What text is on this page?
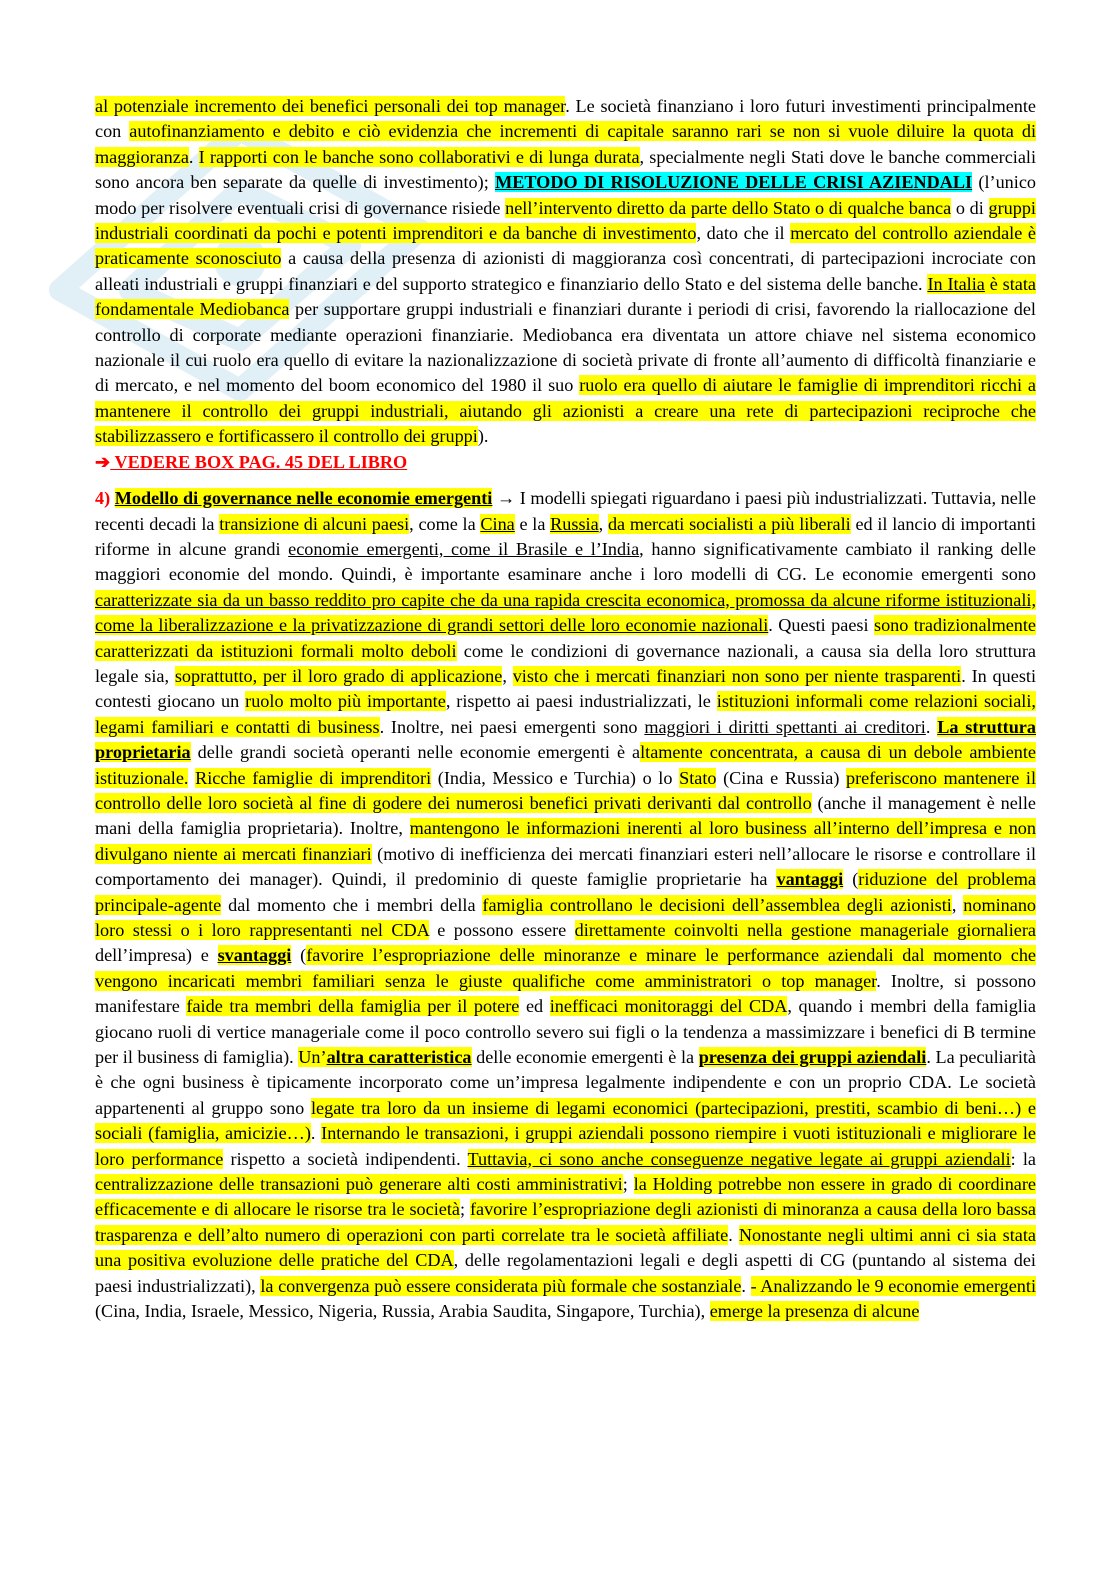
al potenziale incremento dei benefici personali dei top manager. Le società finanziano i loro futuri investimenti principalmente con autofinanziamento e debito e ciò evidenzia che incrementi di capitale saranno rari se non si vuole diluire la quota di maggioranza. I rapporti con le banche sono collaborativi e di lunga durata, specialmente negli Stati dove le banche commerciali sono ancora ben separate da quelle di investimento); METODO DI RISOLUZIONE DELLE CRISI AZIENDALI (l’unico modo per risolvere eventuali crisi di governance risiede nell’intervento diretto da parte dello Stato o di qualche banca o di gruppi industriali coordinati da pochi e potenti imprenditori e da banche di investimento, dato che il mercato del controllo aziendale è praticamente sconosciuto a causa della presenza di azionisti di maggioranza così concentrati, di partecipazioni incrociate con alleati industriali e gruppi finanziari e del supporto strategico e finanziario dello Stato e del sistema delle banche. In Italia è stata fondamentale Mediobanca per supportare gruppi industriali e finanziari durante i periodi di crisi, favorendo la riallocazione del controllo di corporate mediante operazioni finanziarie. Mediobanca era diventata un attore chiave nel sistema economico nazionale il cui ruolo era quello di evitare la nazionalizzazione di società private di fronte all’aumento di difficoltà finanziarie e di mercato, e nel momento del boom economico del 1980 il suo ruolo era quello di aiutare le famiglie di imprenditori ricchi a mantenere il controllo dei gruppi industriali, aiutando gli azionisti a creare una rete di partecipazioni reciproche che stabilizzassero e fortificassero il controllo dei gruppi).
➔ VEDERE BOX PAG. 45 DEL LIBRO

4) Modello di governance nelle economie emergenti → I modelli spiegati riguardano i paesi più industrializzati. Tuttavia, nelle recenti decadi la transizione di alcuni paesi, come la Cina e la Russia, da mercati socialisti a più liberali ed il lancio di importanti riforme in alcune grandi economie emergenti, come il Brasile e l’India, hanno significativamente cambiato il ranking delle maggiori economie del mondo. Quindi, è importante esaminare anche i loro modelli di CG. Le economie emergenti sono caratterizzate sia da un basso reddito pro capite che da una rapida crescita economica, promossa da alcune riforme istituzionali, come la liberalizzazione e la privatizzazione di grandi settori delle loro economie nazionali. Questi paesi sono tradizionalmente caratterizzati da istituzioni formali molto deboli come le condizioni di governance nazionali, a causa sia della loro struttura legale sia, soprattutto, per il loro grado di applicazione, visto che i mercati finanziari non sono per niente trasparenti. In questi contesti giocano un ruolo molto più importante, rispetto ai paesi industrializzati, le istituzioni informali come relazioni sociali, legami familiari e contatti di business. Inoltre, nei paesi emergenti sono maggiori i diritti spettanti ai creditori. La struttura proprietaria delle grandi società operanti nelle economie emergenti è altamente concentrata, a causa di un debole ambiente istituzionale. Ricche famiglie di imprenditori (India, Messico e Turchia) o lo Stato (Cina e Russia) preferiscono mantenere il controllo delle loro società al fine di godere dei numerosi benefici privati derivanti dal controllo (anche il management è nelle mani della famiglia proprietaria). Inoltre, mantengono le informazioni inerenti al loro business all’interno dell’impresa e non divulgano niente ai mercati finanziari (motivo di inefficienza dei mercati finanziari esteri nell’allocare le risorse e controllare il comportamento dei manager). Quindi, il predominio di queste famiglie proprietarie ha vantaggi (riduzione del problema principale-agente dal momento che i membri della famiglia controllano le decisioni dell’assemblea degli azionisti, nominano loro stessi o i loro rappresentanti nel CDA e possono essere direttamente coinvolti nella gestione manageriale giornaliera dell’impresa) e svantaggi (favorire l’espropriazione delle minoranze e minare le performance aziendali dal momento che vengono incaricati membri familiari senza le giuste qualifiche come amministratori o top manager. Inoltre, si possono manifestare faide tra membri della famiglia per il potere ed inefficaci monitoraggi del CDA, quando i membri della famiglia giocano ruoli di vertice manageriale come il poco controllo severo sui figli o la tendenza a massimizzare i benefici di B termine per il business di famiglia). Un’altra caratteristica delle economie emergenti è la presenza dei gruppi aziendali. La peculiarità è che ogni business è tipicamente incorporato come un’impresa legalmente indipendente e con un proprio CDA. Le società appartenenti al gruppo sono legate tra loro da un insieme di legami economici (partecipazioni, prestiti, scambio di beni…) e sociali (famiglia, amicizie…). Internando le transazioni, i gruppi aziendali possono riempire i vuoti istituzionali e migliorare le loro performance rispetto a società indipendenti. Tuttavia, ci sono anche conseguenze negative legate ai gruppi aziendali: la centralizzazione delle transazioni può generare alti costi amministrativi; la Holding potrebbe non essere in grado di coordinare efficacemente e di allocare le risorse tra le società; favorire l’espropriazione degli azionisti di minoranza a causa della loro bassa trasparenza e dell’alto numero di operazioni con parti correlate tra le società affiliate. Nonostante negli ultimi anni ci sia stata una positiva evoluzione delle pratiche del CDA, delle regolamentazioni legali e degli aspetti di CG (puntando al sistema dei paesi industrializzati), la convergenza può essere considerata più formale che sostanziale. - Analizzando le 9 economie emergenti (Cina, India, Israele, Messico, Nigeria, Russia, Arabia Saudita, Singapore, Turchia), emerge la presenza di alcune
